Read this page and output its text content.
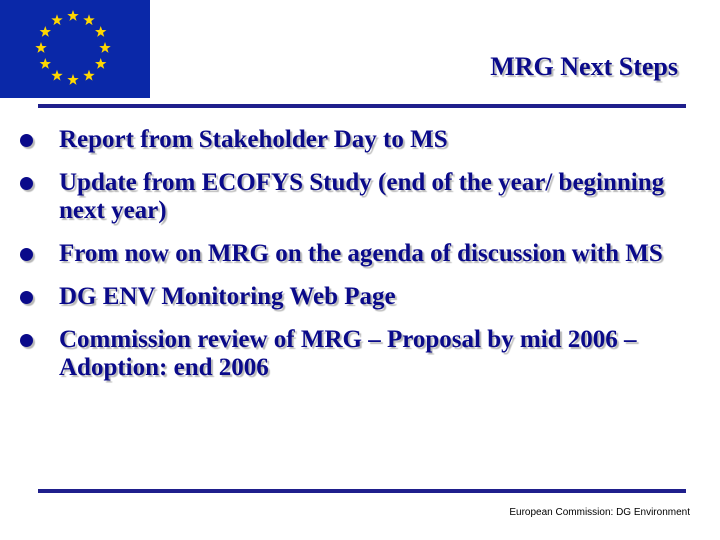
MRG Next Steps
Report from Stakeholder Day to MS
Update from ECOFYS Study (end of the year/ beginning next year)
From now on MRG on the agenda of discussion with MS
DG ENV Monitoring Web Page
Commission review of MRG – Proposal by mid 2006 – Adoption: end 2006
European Commission: DG Environment
